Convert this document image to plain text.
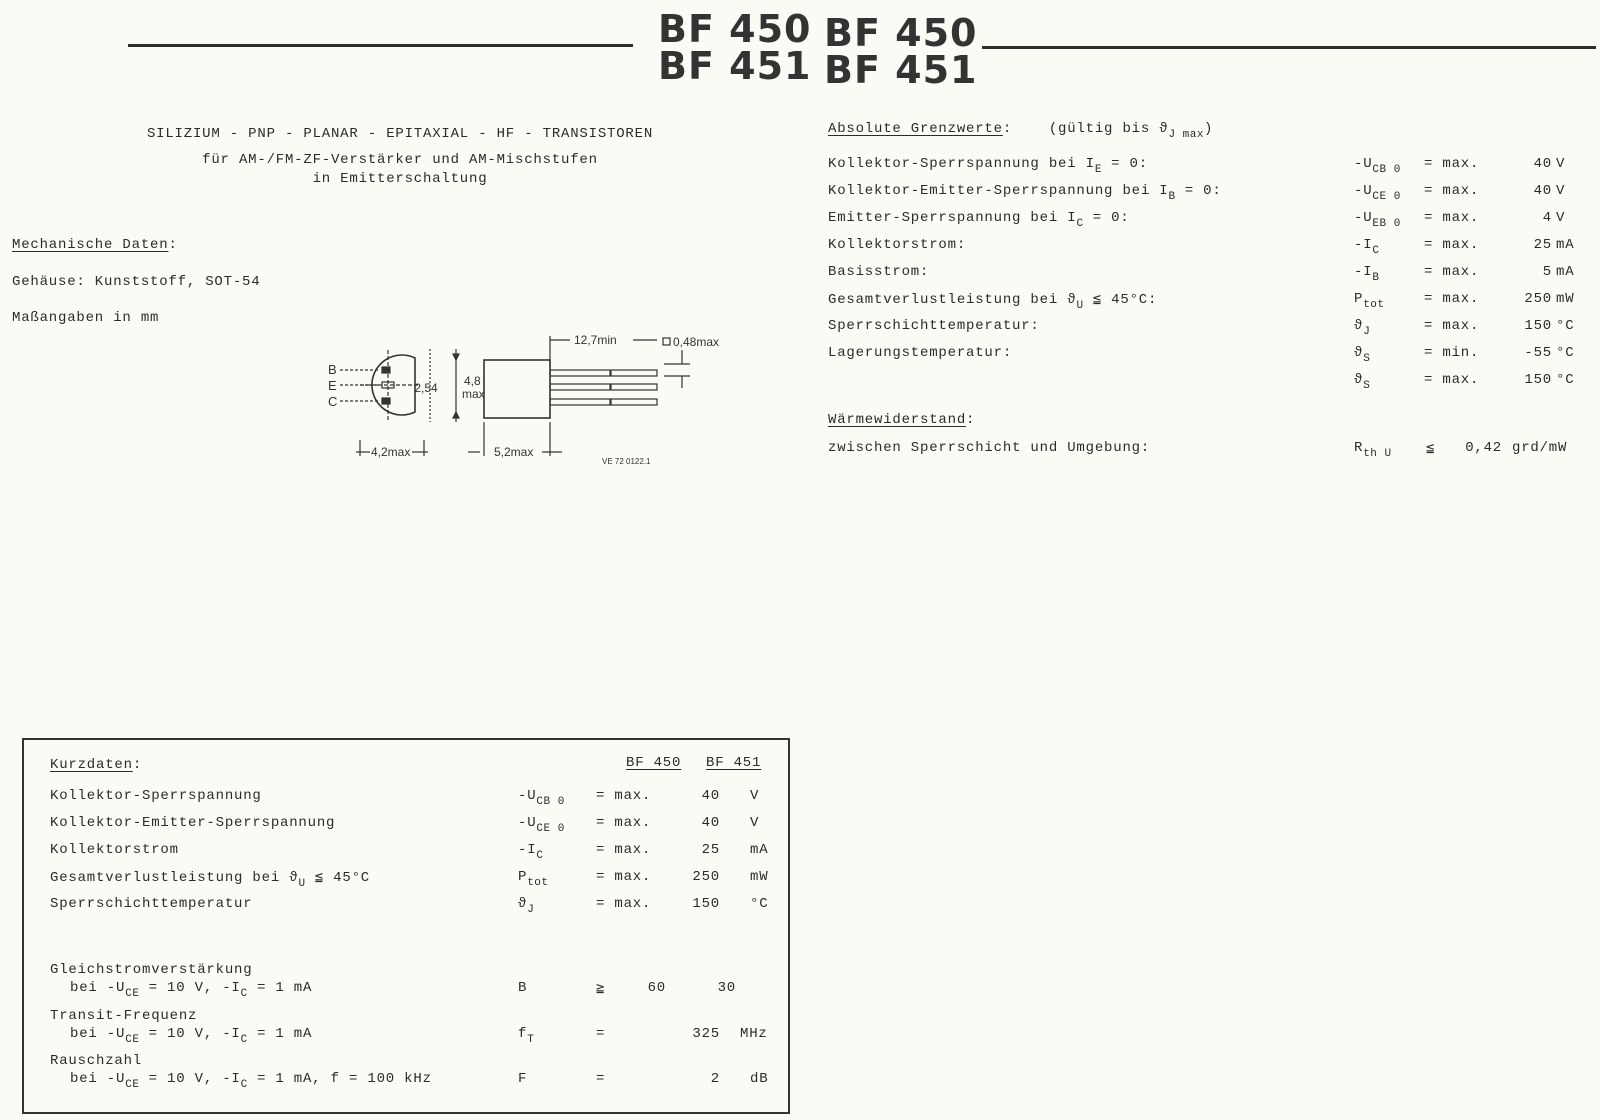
BF 450
BF 451
BF 450
BF 451
SILIZIUM - PNP - PLANAR - EPITAXIAL - HF - TRANSISTOREN
für AM-/FM-ZF-Verstärker und AM-Mischstufen
in Emitterschaltung
Mechanische Daten:
Gehäuse: Kunststoff, SOT-54
Maßangaben in mm
B
E
C
2,54 4,8
max
12,7min	0,48max
4,2max	5,2max
VE 72 0122.1
Absolute Grenzwerte:    (gültig bis $ϑ_{J max}$)
Kollektor-Sperrspannung bei $I_E = 0$:	$-U_{CB 0} = \max$.	40 V
Kollektor-Emitter-Sperrspannung bei $I_B = 0$:	$-U_{CE 0} = \max$.	40 V
Emitter-Sperrspannung bei $I_C = 0$:	$-U_{EB 0} = \max$.	4 V
Kollektorstrom:	$-I_C$	= max.	25 mA
Basisstrom:	$-I_B$	= max.	5 mA
Gesamtverlustleistung bei $ϑ_U$ ≦ 45°C:	$P_{tot}$	= max.	250 mW
Sperrschichttemperatur:	$ϑ_J$	= max.	150 °C
Lagerungstemperatur:	$ϑ_S$	= min.	-55 °C
$ϑ_S$	= max.	150 °C
Wärmewiderstand:
zwischen Sperrschicht und Umgebung:	$R_{th U}$ ≦	0,42 grd/mW
Kurzdaten:	BF 450 BF 451
Kollektor-Sperrspannung	$-U_{CB 0} = \max$.	40 V
Kollektor-Emitter-Sperrspannung	$-U_{CE 0} = \max$.	40 V
Kollektorstrom	$-I_C$	= max.	25 mA
Gesamtverlustleistung bei $ϑ_U$ ≦ 45°C	$P_{tot}$	= max.	250 mW
Sperrschichttemperatur	$ϑ_J$	= max.	150 °C
Gleichstromverstärkung
bei $-U_{CE} = 10$ V, $-I_C = 1$ mA	B	≧	60	30
Transit-Frequenz
bei $-U_{CE} = 10$ V, $-I_C = 1$ mA	$f_T$	=	325 MHz
Rauschzahl
bei $-U_{CE} = 10$ V, $-I_C = 1$ mA, f = 100 kHz	F	=	2 dB
